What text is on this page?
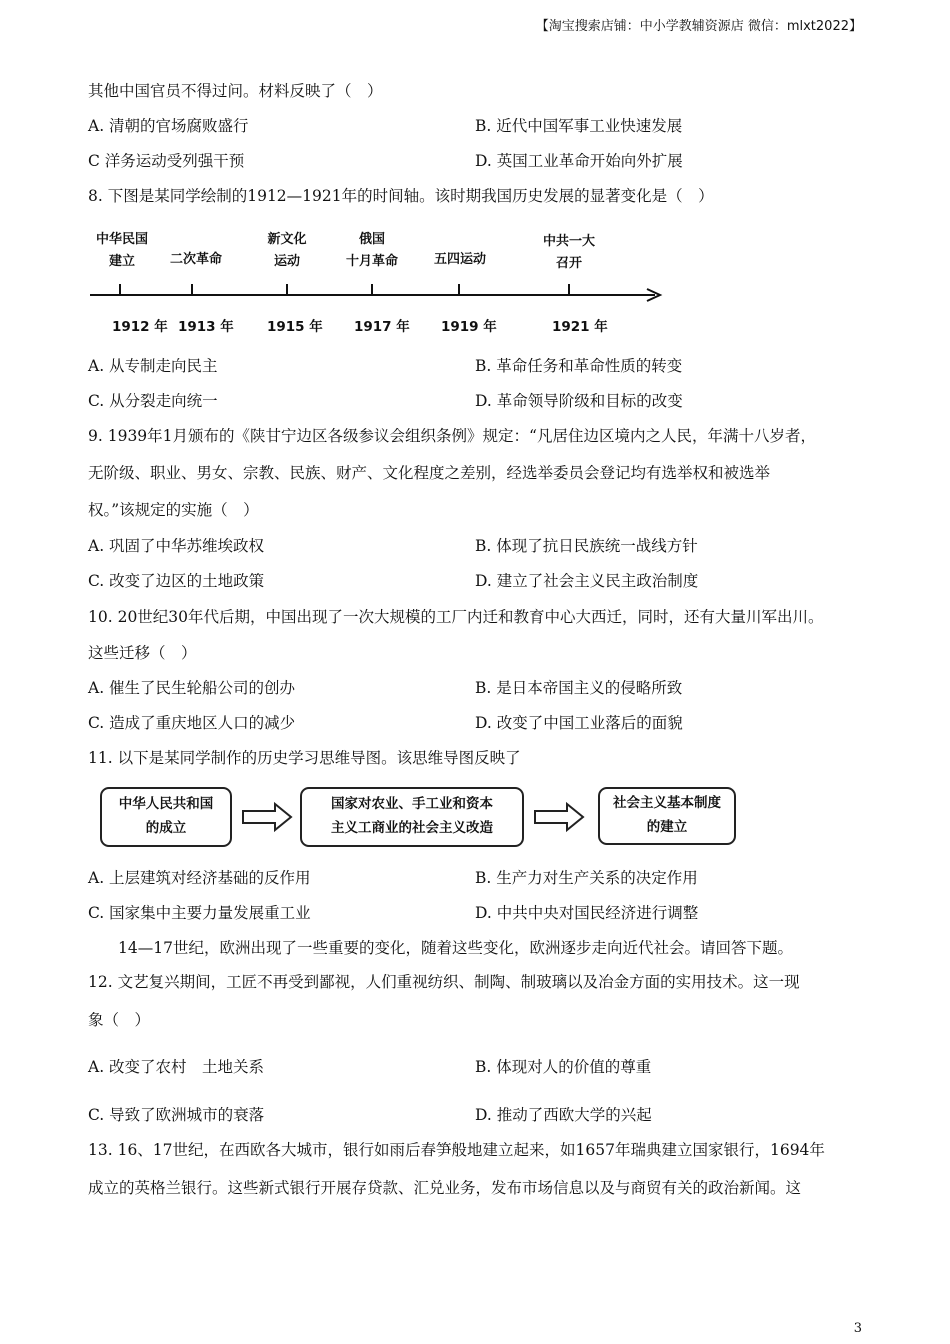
【淘宝搜索店铺：中小学教辅资源店 微信：mlxt2022】
其他中国官员不得过问。材料反映了（　）
A. 清朝的官场腐败盛行	B. 近代中国军事工业快速发展
C 洋务运动受列强干预	D. 英国工业革命开始向外扩展
8. 下图是某同学绘制的1912—1921年的时间轴。该时期我国历史发展的显著变化是（　）
中华民国
建立	二次革命
新文化
运动
俄国
十月革命	五四运动
中共一大
召开
1912 年 1913 年 1915 年 1917 年 1919 年	1921 年
A. 从专制走向民主	B. 革命任务和革命性质的转变
C. 从分裂走向统一	D. 革命领导阶级和目标的改变
9. 1939年1月颁布的《陕甘宁边区各级参议会组织条例》规定：“凡居住边区境内之人民，年满十八岁者，
无阶级、职业、男女、宗教、民族、财产、文化程度之差别，经选举委员会登记均有选举权和被选举
权。”该规定的实施（　）
A. 巩固了中华苏维埃政权	B. 体现了抗日民族统一战线方针
C. 改变了边区的土地政策	D. 建立了社会主义民主政治制度
10. 20世纪30年代后期，中国出现了一次大规模的工厂内迁和教育中心大西迁，同时，还有大量川军出川。
这些迁移（　）
A. 催生了民生轮船公司的创办	B. 是日本帝国主义的侵略所致
C. 造成了重庆地区人口的减少	D. 改变了中国工业落后的面貌
11. 以下是某同学制作的历史学习思维导图。该思维导图反映了
中华人民共和国
的成立
国家对农业、手工业和资本
主义工商业的社会主义改造
社会主义基本制度
的建立
A. 上层建筑对经济基础的反作用	B. 生产力对生产关系的决定作用
C. 国家集中主要力量发展重工业	D. 中共中央对国民经济进行调整
14—17世纪，欧洲出现了一些重要的变化，随着这些变化，欧洲逐步走向近代社会。请回答下题。
12. 文艺复兴期间，工匠不再受到鄙视，人们重视纺织、制陶、制玻璃以及冶金方面的实用技术。这一现
象（　）
A. 改变了农村　土地关系	B. 体现对人的价值的尊重
C. 导致了欧洲城市的衰落	D. 推动了西欧大学的兴起
13. 16、17世纪，在西欧各大城市，银行如雨后春笋般地建立起来，如1657年瑞典建立国家银行，1694年
成立的英格兰银行。这些新式银行开展存贷款、汇兑业务，发布市场信息以及与商贸有关的政治新闻。这
3
